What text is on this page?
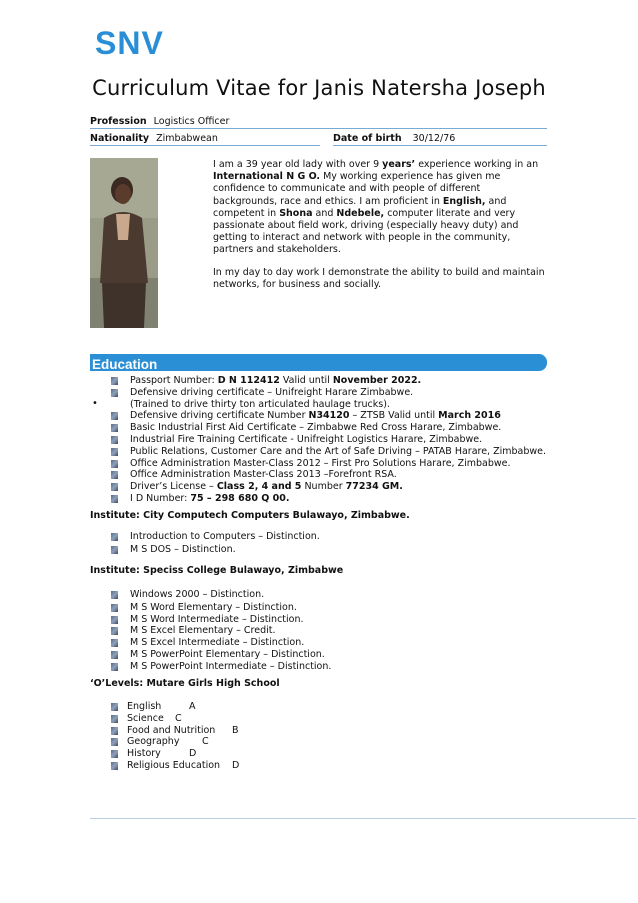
SNV
Curriculum Vitae for Janis Natersha Joseph
Profession Logistics Officer
Nationality Zimbabwean	Date of birth 30/12/76

I am a 39 year old lady with over 9 years’ experience working in an International N G O. My working experience has given me confidence to communicate and with people of different backgrounds, race and ethics. I am proficient in English, and competent in Shona and Ndebele, computer literate and very passionate about field work, driving (especially heavy duty) and getting to interact and network with people in the community, partners and stakeholders.

In my day to day work I demonstrate the ability to build and maintain networks, for business and socially.

Education
•
Passport Number: D N 112412 Valid until November 2022.
Defensive driving certificate – Unifreight Harare Zimbabwe.
(Trained to drive thirty ton articulated haulage trucks).
Defensive driving certificate Number N34120 – ZTSB Valid until March 2016
Basic Industrial First Aid Certificate – Zimbabwe Red Cross Harare, Zimbabwe.
Industrial Fire Training Certificate - Unifreight Logistics Harare, Zimbabwe.
Public Relations, Customer Care and the Art of Safe Driving – PATAB Harare, Zimbabwe.
Office Administration Master-Class 2012 – First Pro Solutions Harare, Zimbabwe.
Office Administration Master-Class 2013 –Forefront RSA.
Driver’s License – Class 2, 4 and 5 Number 77234 GM.
I D Number: 75 – 298 680 Q 00.
Institute: City Computech Computers Bulawayo, Zimbabwe.
Introduction to Computers – Distinction.
M S DOS – Distinction.
Institute: Speciss College Bulawayo, Zimbabwe
Windows 2000 – Distinction.
M S Word Elementary – Distinction.
M S Word Intermediate – Distinction.
M S Excel Elementary – Credit.
M S Excel Intermediate – Distinction.
M S PowerPoint Elementary – Distinction.
M S PowerPoint Intermediate – Distinction.
‘O’Levels: Mutare Girls High School
English	A
Science C
Food and Nutrition B
Geography C
History	D
Religious Education D
